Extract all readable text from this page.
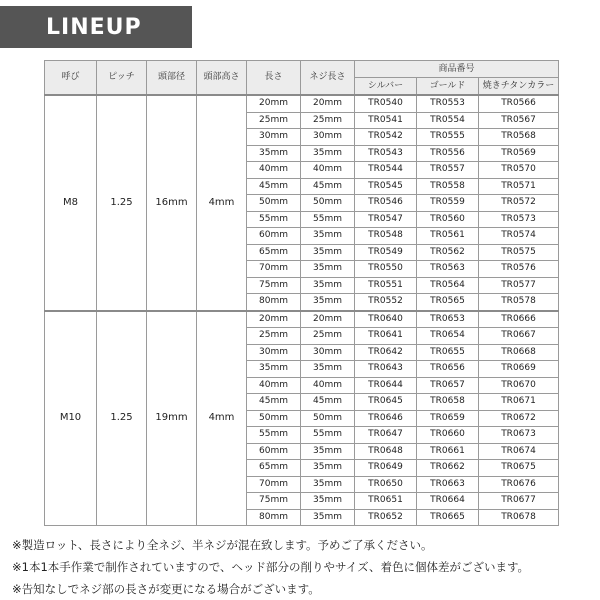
LINEUP
呼び	ピッチ	頭部径	頭部高さ	長さ	ネジ長さ	商品番号		
						シルバー	ゴールド	焼きチタンカラー
M8	1.25	16mm	4mm	20mm	20mm	TR0540	TR0553	TR0566
				25mm	25mm	TR0541	TR0554	TR0567
				30mm	30mm	TR0542	TR0555	TR0568
				35mm	35mm	TR0543	TR0556	TR0569
				40mm	40mm	TR0544	TR0557	TR0570
				45mm	45mm	TR0545	TR0558	TR0571
				50mm	50mm	TR0546	TR0559	TR0572
				55mm	55mm	TR0547	TR0560	TR0573
				60mm	35mm	TR0548	TR0561	TR0574
				65mm	35mm	TR0549	TR0562	TR0575
				70mm	35mm	TR0550	TR0563	TR0576
				75mm	35mm	TR0551	TR0564	TR0577
				80mm	35mm	TR0552	TR0565	TR0578
M10	1.25	19mm	4mm	20mm	20mm	TR0640	TR0653	TR0666
				25mm	25mm	TR0641	TR0654	TR0667
				30mm	30mm	TR0642	TR0655	TR0668
				35mm	35mm	TR0643	TR0656	TR0669
				40mm	40mm	TR0644	TR0657	TR0670
				45mm	45mm	TR0645	TR0658	TR0671
				50mm	50mm	TR0646	TR0659	TR0672
				55mm	55mm	TR0647	TR0660	TR0673
				60mm	35mm	TR0648	TR0661	TR0674
				65mm	35mm	TR0649	TR0662	TR0675
				70mm	35mm	TR0650	TR0663	TR0676
				75mm	35mm	TR0651	TR0664	TR0677
				80mm	35mm	TR0652	TR0665	TR0678
※製造ロット、長さにより全ネジ、半ネジが混在致します。予めご了承ください。
※1本1本手作業で制作されていますので、ヘッド部分の削りやサイズ、着色に個体差がございます。
※告知なしでネジ部の長さが変更になる場合がございます。
